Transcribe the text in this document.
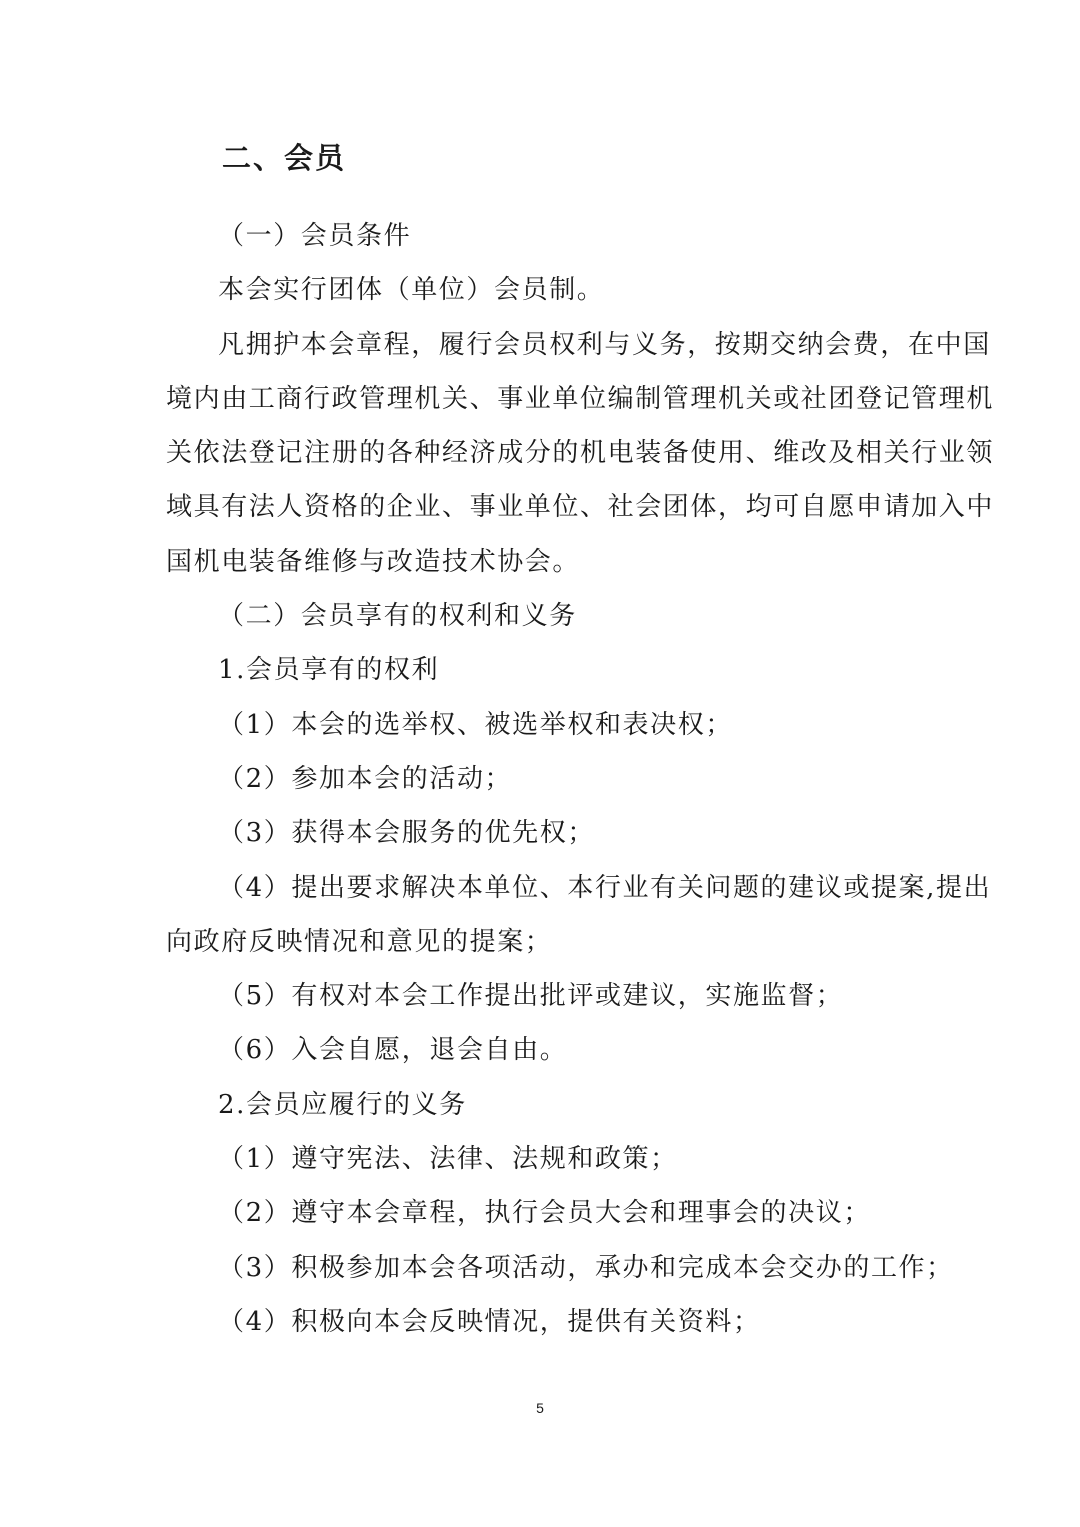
二、会员

（一）会员条件

本会实行团体（单位）会员制。

凡拥护本会章程，履行会员权利与义务，按期交纳会费，在中国

境内由工商行政管理机关、事业单位编制管理机关或社团登记管理机

关依法登记注册的各种经济成分的机电装备使用、维改及相关行业领

域具有法人资格的企业、事业单位、社会团体，均可自愿申请加入中

国机电装备维修与改造技术协会。

（二）会员享有的权利和义务

1.会员享有的权利

（1）本会的选举权、被选举权和表决权；

（2）参加本会的活动；

（3）获得本会服务的优先权；

（4）提出要求解决本单位、本行业有关问题的建议或提案,提出

向政府反映情况和意见的提案；

（5）有权对本会工作提出批评或建议，实施监督；

（6）入会自愿，退会自由。

2.会员应履行的义务

（1）遵守宪法、法律、法规和政策；

（2）遵守本会章程，执行会员大会和理事会的决议；

（3）积极参加本会各项活动，承办和完成本会交办的工作；

（4）积极向本会反映情况，提供有关资料；

5
